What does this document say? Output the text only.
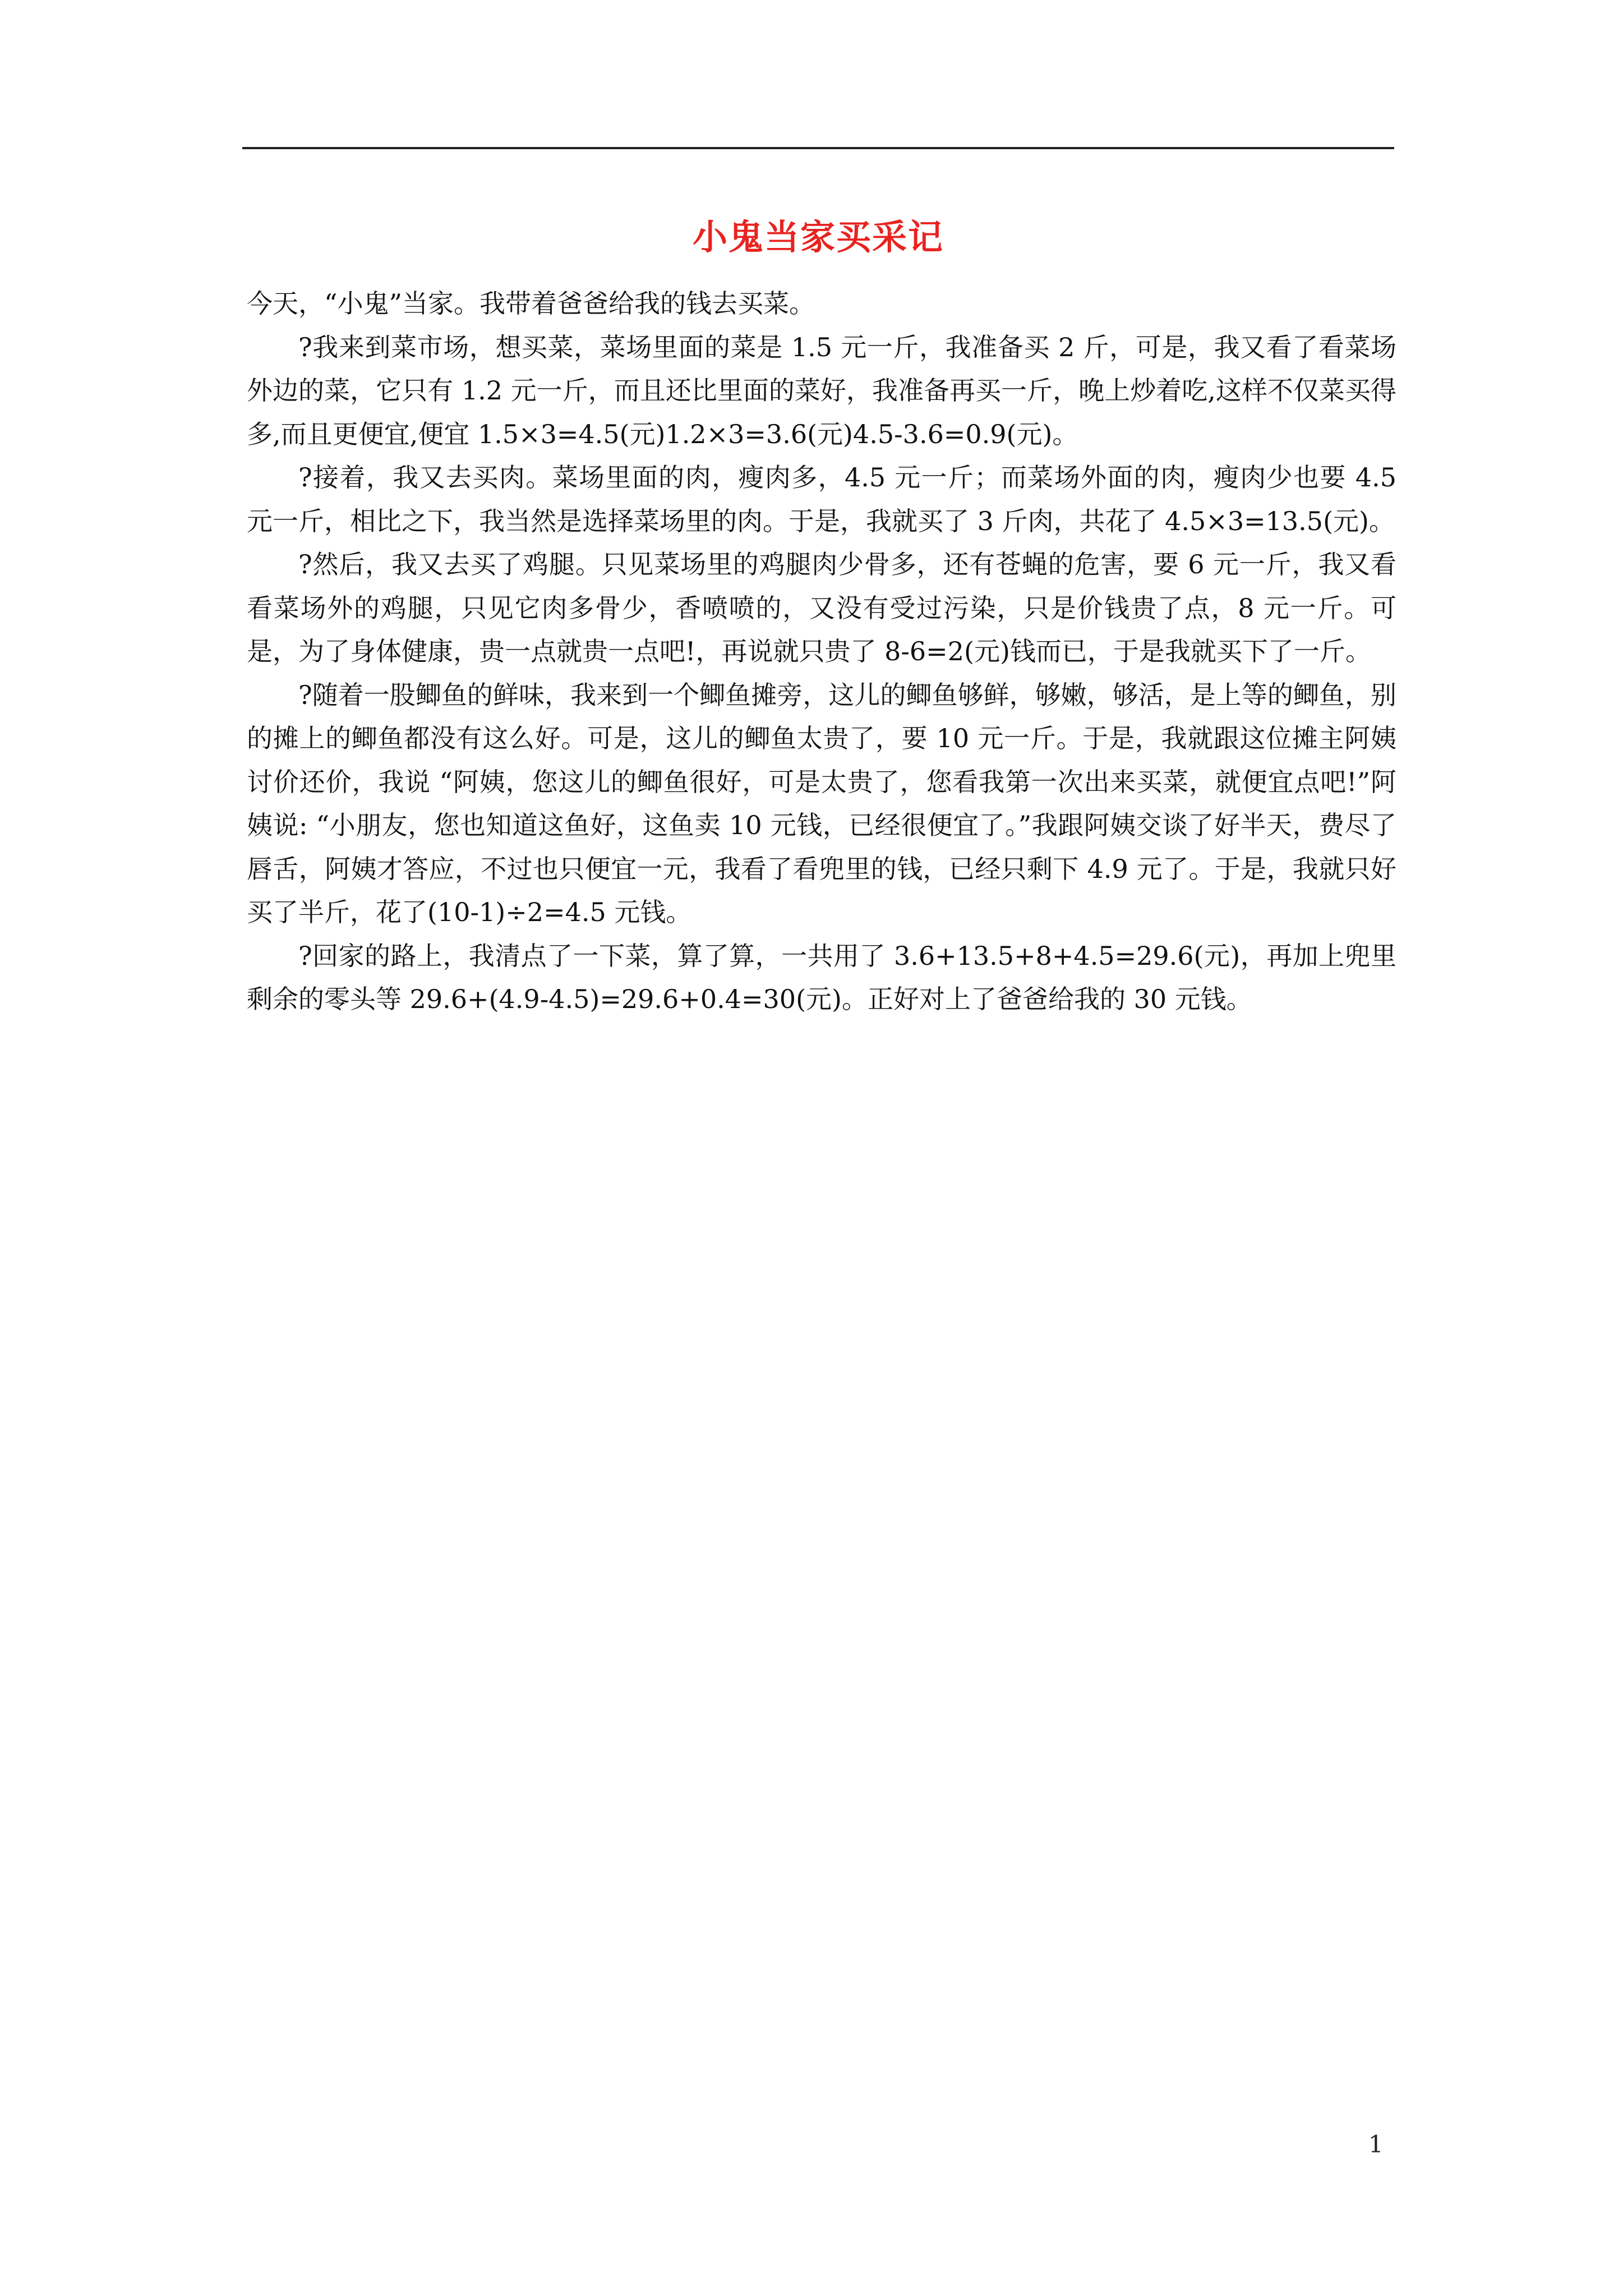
小鬼当家买采记

今天，“小鬼”当家。我带着爸爸给我的钱去买菜。

?我来到菜市场，想买菜，菜场里面的菜是 1.5 元一斤，我准备买 2 斤，可是，我又看了看菜场外边的菜，它只有 1.2 元一斤，而且还比里面的菜好，我准备再买一斤，晚上炒着吃,这样不仅菜买得多,而且更便宜,便宜 1.5×3=4.5(元)1.2×3=3.6(元)4.5-3.6=0.9(元)。

?接着，我又去买肉。菜场里面的肉，瘦肉多，4.5 元一斤；而菜场外面的肉，瘦肉少也要 4.5 元一斤，相比之下，我当然是选择菜场里的肉。于是，我就买了 3 斤肉，共花了 4.5×3=13.5(元)。

?然后，我又去买了鸡腿。只见菜场里的鸡腿肉少骨多，还有苍蝇的危害，要 6 元一斤，我又看看菜场外的鸡腿，只见它肉多骨少，香喷喷的，又没有受过污染，只是价钱贵了点，8 元一斤。可是，为了身体健康，贵一点就贵一点吧!，再说就只贵了 8-6=2(元)钱而已，于是我就买下了一斤。

?随着一股鲫鱼的鲜味，我来到一个鲫鱼摊旁，这儿的鲫鱼够鲜，够嫩，够活，是上等的鲫鱼，别的摊上的鲫鱼都没有这么好。可是，这儿的鲫鱼太贵了，要 10 元一斤。于是，我就跟这位摊主阿姨讨价还价，我说 “阿姨，您这儿的鲫鱼很好，可是太贵了，您看我第一次出来买菜，就便宜点吧!”阿姨说: “小朋友，您也知道这鱼好，这鱼卖 10 元钱，已经很便宜了。”我跟阿姨交谈了好半天，费尽了唇舌，阿姨才答应，不过也只便宜一元，我看了看兜里的钱，已经只剩下 4.9 元了。于是，我就只好买了半斤，花了(10-1)÷2=4.5 元钱。

?回家的路上，我清点了一下菜，算了算，一共用了 3.6+13.5+8+4.5=29.6(元)，再加上兜里剩余的零头等 29.6+(4.9-4.5)=29.6+0.4=30(元)。正好对上了爸爸给我的 30 元钱。

1
